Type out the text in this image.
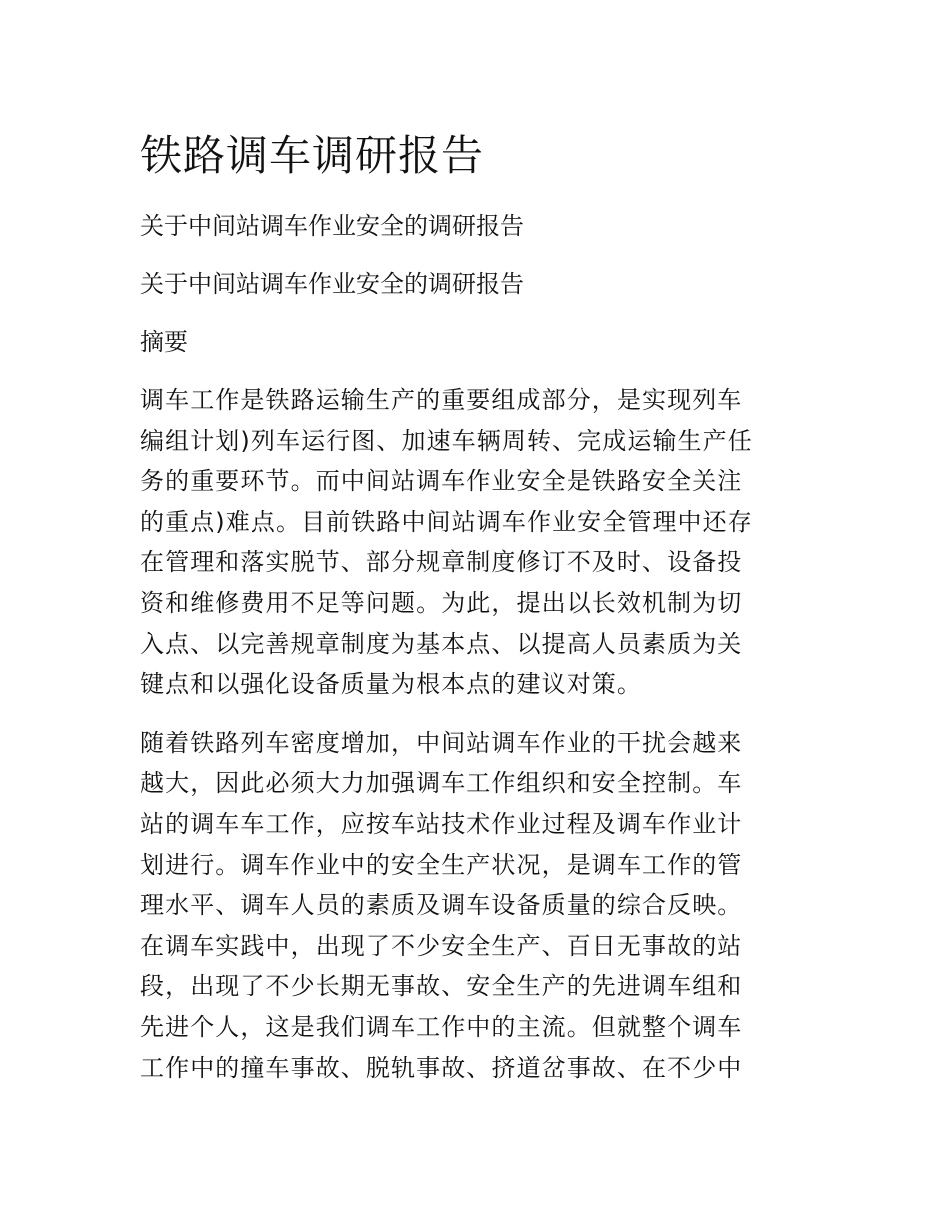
铁路调车调研报告

关于中间站调车作业安全的调研报告

关于中间站调车作业安全的调研报告

摘要

调车工作是铁路运输生产的重要组成部分，是实现列车
编组计划)列车运行图、加速车辆周转、完成运输生产任
务的重要环节。而中间站调车作业安全是铁路安全关注
的重点)难点。目前铁路中间站调车作业安全管理中还存
在管理和落实脱节、部分规章制度修订不及时、设备投
资和维修费用不足等问题。为此，提出以长效机制为切
入点、以完善规章制度为基本点、以提高人员素质为关
键点和以强化设备质量为根本点的建议对策。

随着铁路列车密度增加，中间站调车作业的干扰会越来
越大，因此必须大力加强调车工作组织和安全控制。车
站的调车车工作，应按车站技术作业过程及调车作业计
划进行。调车作业中的安全生产状况，是调车工作的管
理水平、调车人员的素质及调车设备质量的综合反映。
在调车实践中，出现了不少安全生产、百日无事故的站
段，出现了不少长期无事故、安全生产的先进调车组和
先进个人，这是我们调车工作中的主流。但就整个调车
工作中的撞车事故、脱轨事故、挤道岔事故、在不少中
